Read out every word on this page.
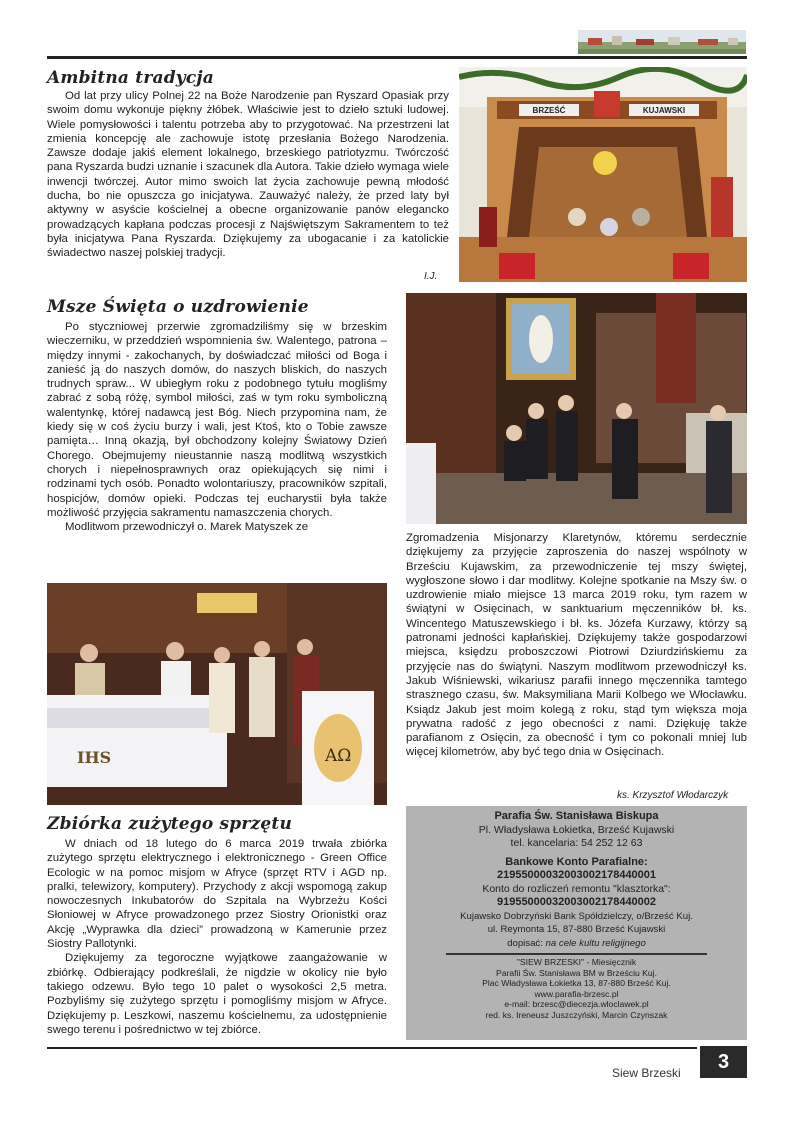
Ambitna tradycja

Od lat przy ulicy Polnej 22 na Boże Narodzenie pan Ryszard Opasiak przy swoim domu wykonuje piękny żłóbek. Właściwie jest to dzieło sztuki ludowej. Wiele pomysłowości i talentu potrzeba aby to przygotować. Na przestrzeni lat zmienia koncepcję ale zachowuje istotę przesłania Bożego Narodzenia. Zawsze dodaje jakiś element lokalnego, brzeskiego patriotyzmu. Twórczość pana Ryszarda budzi uznanie i szacunek dla Autora. Takie dzieło wymaga wiele inwencji twórczej. Autor mimo swoich lat życia zachowuje pewną młodość ducha, bo nie opuszcza go inicjatywa. Zauważyć należy, że przed laty był aktywny w asyście kościelnej a obecne organizowanie panów elegancko prowadzących kapłana podczas procesji z Najświętszym Sakramentem to też była inicjatywa Pana Ryszarda. Dziękujemy za ubogacanie i za katolickie świadectwo naszej polskiej tradycji.

I.J.
BRZEŚĆ	KUJAWSKI
Msze Święta o uzdrowienie

Po styczniowej przerwie zgromadziliśmy się w brzeskim wieczerniku, w przeddzień wspomnienia św. Walentego, patrona – między innymi - zakochanych, by doświadczać miłości od Boga i zanieść ją do naszych domów, do naszych bliskich, do naszych trudnych spraw... W ubiegłym roku z podobnego tytułu mogliśmy zabrać z sobą różę, symbol miłości, zaś w tym roku symboliczną walentynkę, której nadawcą jest Bóg. Niech przypomina nam, że kiedy się w coś życiu burzy i wali, jest Ktoś, kto o Tobie zawsze pamięta… Inną okazją, był obchodzony kolejny Światowy Dzień Chorego. Obejmujemy nieustannie naszą modlitwą wszystkich chorych i niepełnosprawnych oraz opiekujących się nimi i rodzinami tych osób. Ponadto wolontariuszy, pracowników szpitali, hospicjów, domów opieki. Podczas tej eucharystii była także możliwość przyjęcia sakramentu namaszczenia chorych.

Modlitwom przewodniczył o. Marek Matyszek ze

Zgromadzenia Misjonarzy Klaretynów, któremu serdecznie dziękujemy za przyjęcie zaproszenia do naszej wspólnoty w Brześciu Kujawskim, za przewodniczenie tej mszy świętej, wygłoszone słowo i dar modlitwy. Kolejne spotkanie na Mszy św. o uzdrowienie miało miejsce 13 marca 2019 roku, tym razem w świątyni w Osięcinach, w sanktuarium męczenników bł. ks. Wincentego Matuszewskiego i bł. ks. Józefa Kurzawy, którzy są patronami jedności kapłańskiej. Dziękujemy także gospodarzowi miejsca, księdzu proboszczowi Piotrowi Dziurdzińskiemu za przyjęcie nas do świątyni. Naszym modlitwom przewodniczył ks. Jakub Wiśniewski, wikariusz parafii innego męczennika tamtego strasznego czasu, św. Maksymiliana Marii Kolbego we Włocławku. Ksiądz Jakub jest moim kolegą z roku, stąd tym większa moja prywatna radość z jego obecności z nami. Dziękuję także parafianom z Osięcin, za obecność i tym co pokonali mniej lub więcej kilometrów, aby być tego dnia w Osięcinach.
ks. Krzysztof Włodarczyk
IHS	AΩ
Zbiórka zużytego sprzętu

W dniach od 18 lutego do 6 marca 2019 trwała zbiórka zużytego sprzętu elektrycznego i elektronicznego - Green Office Ecologic w na pomoc misjom w Afryce (sprzęt RTV i AGD np. pralki, telewizory, komputery). Przychody z akcji wspomogą zakup nowoczesnych Inkubatorów do Szpitala na Wybrzeżu Kości Słoniowej w Afryce prowadzonego przez Siostry Orionistki oraz Akcję „Wyprawka dla dzieci” prowadzoną w Kamerunie przez Siostry Pallotynki.

Dziękujemy za tegoroczne wyjątkowe zaangażowanie w zbiórkę. Odbierający podkreślali, że nigdzie w okolicy nie było takiego odzewu. Było tego 10 palet o wysokości 2,5 metra. Pozbyliśmy się zużytego sprzętu i pomogliśmy misjom w Afryce. Dziękujemy p. Leszkowi, naszemu kościelnemu, za udostępnienie swego terenu i pośrednictwo w tej zbiórce.

Parafia Św. Stanisława Biskupa
Pl. Władysława Łokietka, Brześć Kujawski
tel. kancelaria: 54 252 12 63
Bankowe Konto Parafialne:
21955000032003002178440001
Konto do rozliczeń remontu "klasztorka":
91955000032003002178440002
Kujawsko Dobrzyński Bank Spółdzielczy, o/Brześć Kuj.
ul. Reymonta 15, 87-880 Brześć Kujawski
dopisać: na cele kultu religijnego
"SIEW BRZESKI" - Miesięcznik
Parafii Św. Stanisława BM w Brześciu Kuj.
Plac Władysława Łokietka 13, 87-880 Brześć Kuj.
www.parafia-brzesc.pl
e-mail: brzesc@diecezja.wloclawek.pl
red. ks. Ireneusz Juszczyński, Marcin Czynszak
Siew Brzeski	3
